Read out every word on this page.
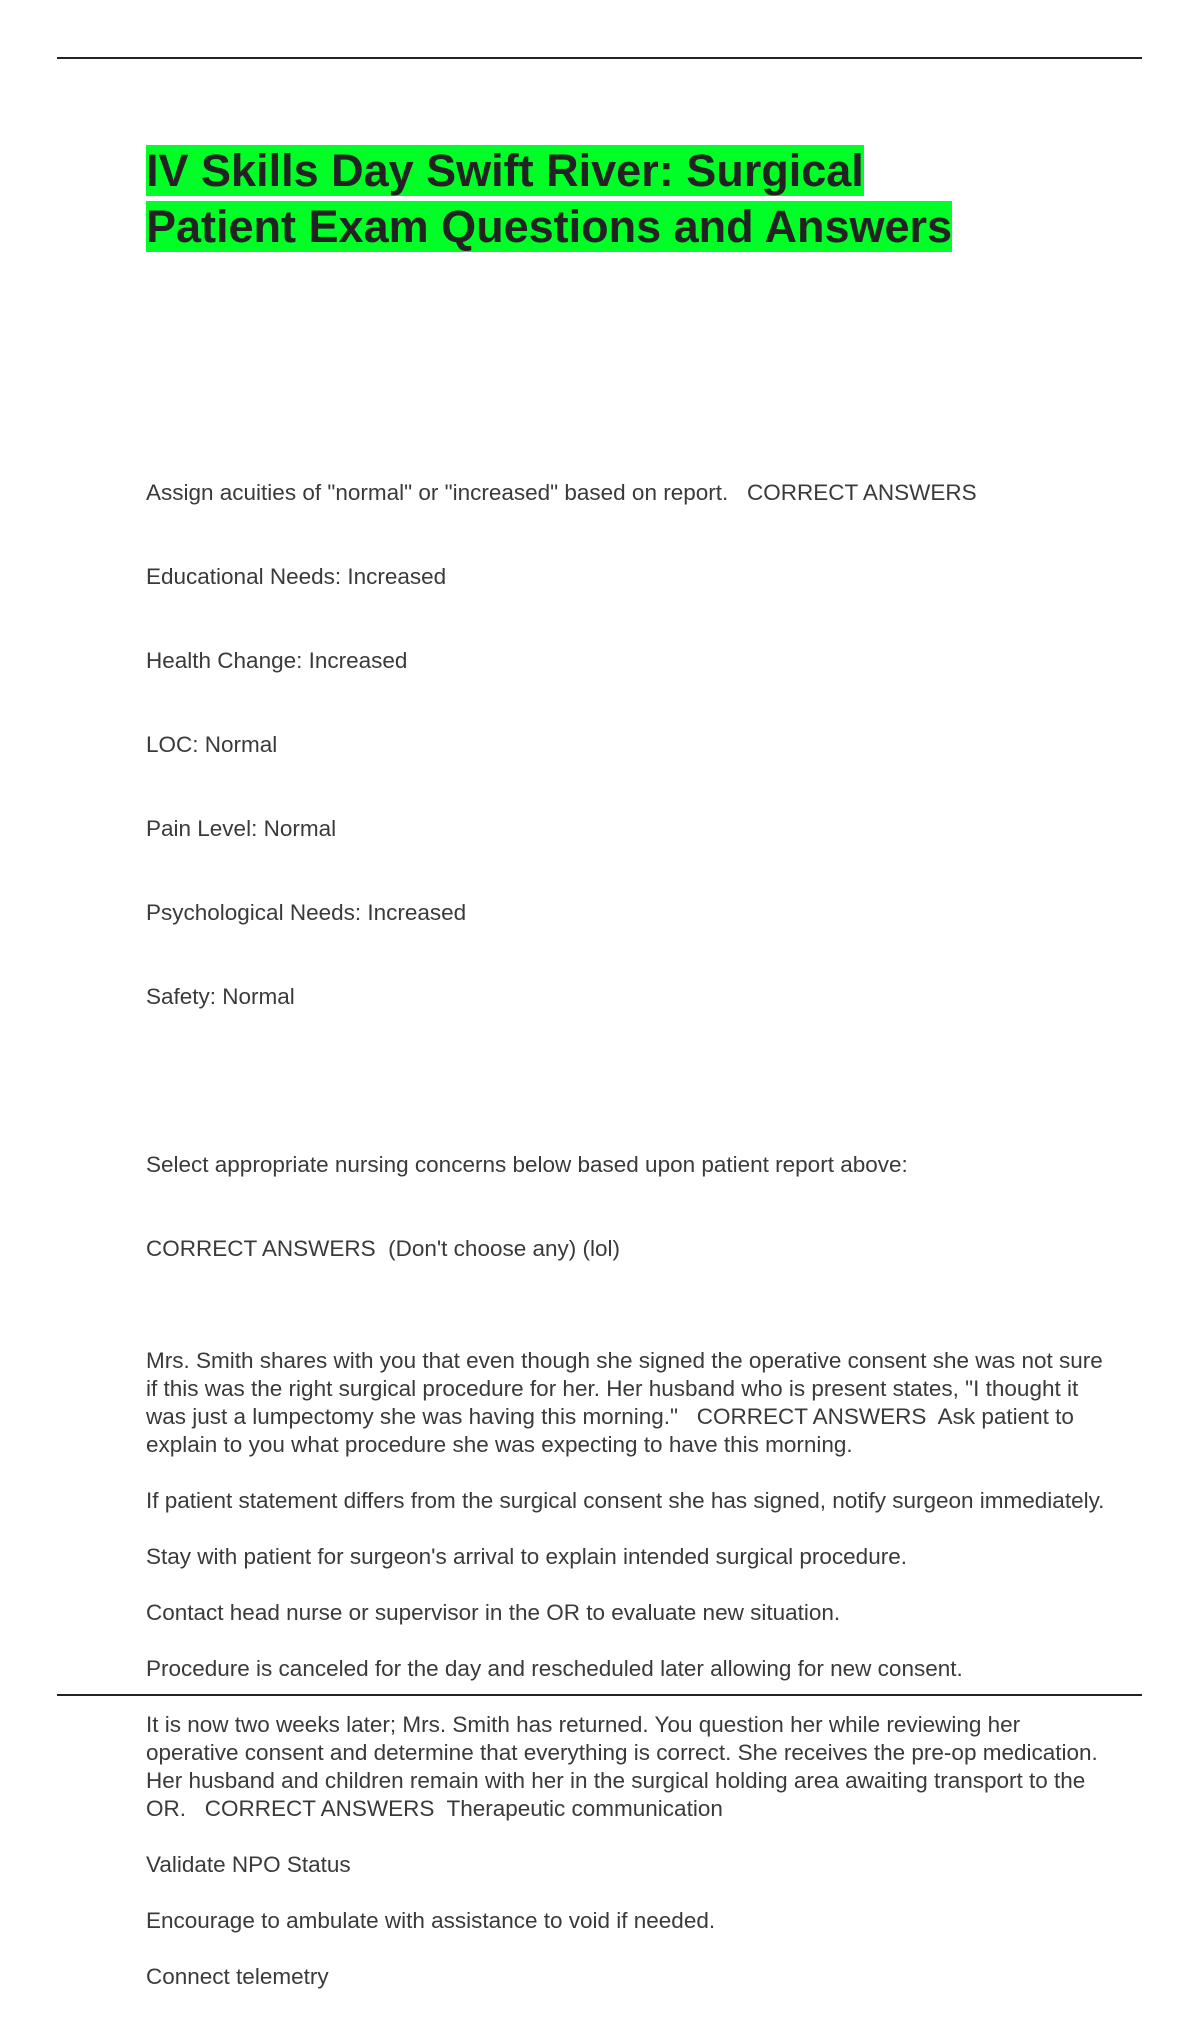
IV Skills Day Swift River: Surgical
Patient Exam Questions and Answers

Assign acuities of "normal" or "increased" based on report.   CORRECT ANSWERS

Educational Needs: Increased

Health Change: Increased

LOC: Normal

Pain Level: Normal

Psychological Needs: Increased

Safety: Normal

Select appropriate nursing concerns below based upon patient report above:

CORRECT ANSWERS  (Don't choose any) (lol)

Mrs. Smith shares with you that even though she signed the operative consent she was not sure if this was the right surgical procedure for her. Her husband who is present states, "I thought it was just a lumpectomy she was having this morning."   CORRECT ANSWERS  Ask patient to explain to you what procedure she was expecting to have this morning.

If patient statement differs from the surgical consent she has signed, notify surgeon immediately.

Stay with patient for surgeon's arrival to explain intended surgical procedure.

Contact head nurse or supervisor in the OR to evaluate new situation.

Procedure is canceled for the day and rescheduled later allowing for new consent.

It is now two weeks later; Mrs. Smith has returned. You question her while reviewing her operative consent and determine that everything is correct. She receives the pre-op medication. Her husband and children remain with her in the surgical holding area awaiting transport to the OR.   CORRECT ANSWERS  Therapeutic communication

Validate NPO Status

Encourage to ambulate with assistance to void if needed.

Connect telemetry
